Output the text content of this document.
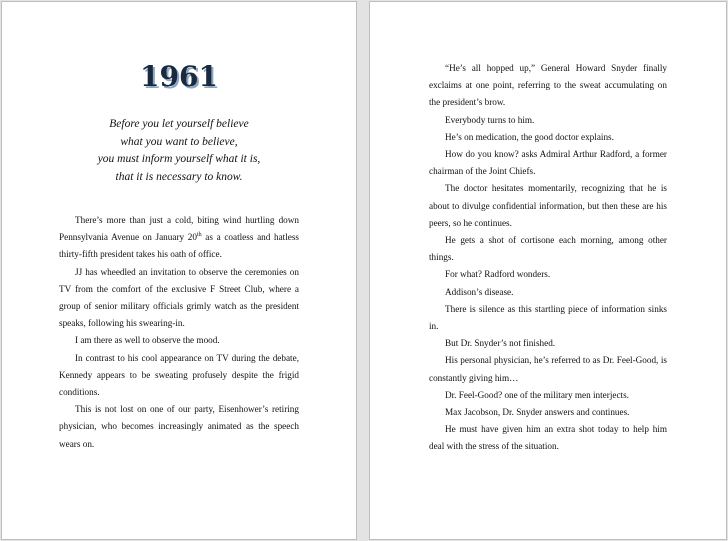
1961
Before you let yourself believe
what you want to believe,
you must inform yourself what it is,
that it is necessary to know.

There’s more than just a cold, biting wind hurtling down Pennsylvania Avenue on January 20th as a coatless and hatless thirty-fifth president takes his oath of office.

JJ has wheedled an invitation to observe the ceremonies on TV from the comfort of the exclusive F Street Club, where a group of senior military officials grimly watch as the president speaks, following his swearing-in.

I am there as well to observe the mood.

In contrast to his cool appearance on TV during the debate, Kennedy appears to be sweating profusely despite the frigid conditions.

This is not lost on one of our party, Eisenhower’s retiring physician, who becomes increasingly animated as the speech wears on.

“He’s all hopped up,” General Howard Snyder finally exclaims at one point, referring to the sweat accumulating on the president’s brow.

Everybody turns to him.

He’s on medication, the good doctor explains.

How do you know? asks Admiral Arthur Radford, a former chairman of the Joint Chiefs.

The doctor hesitates momentarily, recognizing that he is about to divulge confidential information, but then these are his peers, so he continues.

He gets a shot of cortisone each morning, among other things.

For what? Radford wonders.

Addison’s disease.

There is silence as this startling piece of information sinks in.

But Dr. Snyder’s not finished.

His personal physician, he’s referred to as Dr. Feel-Good, is constantly giving him…

Dr. Feel-Good? one of the military men interjects.

Max Jacobson, Dr. Snyder answers and continues.

He must have given him an extra shot today to help him deal with the stress of the situation.
